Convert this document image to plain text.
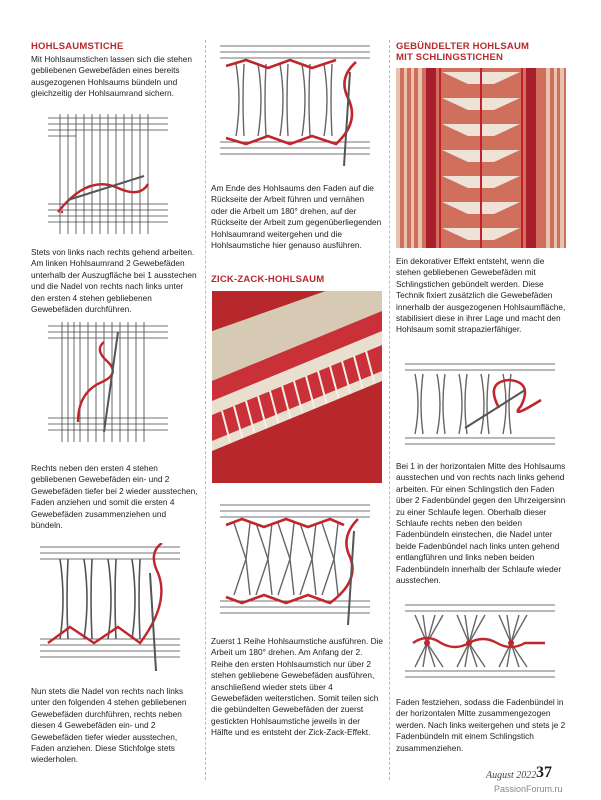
HOHLSAUMSTICHE
Mit Hohlsaumstichen lassen sich die stehen gebliebenen Gewebefäden eines bereits ausgezogenen Hohlsaums bündeln und gleichzeitig der Hohlsaumrand sichern.
Stets von links nach rechts gehend arbeiten. Am linken Hohlsaumrand 2 Gewebefäden unterhalb der Auszugfläche bei 1 ausstechen und die Nadel von rechts nach links unter den ersten 4 stehen gebliebenen Gewebefäden durchführen.
Rechts neben den ersten 4 stehen gebliebenen Gewebefäden ein- und 2 Gewebefäden tiefer bei 2 wieder ausstechen, Faden anziehen und somit die ersten 4 Gewebefäden zusammenziehen und bündeln.
Nun stets die Nadel von rechts nach links unter den folgenden 4 stehen gebliebenen Gewebefäden durchführen, rechts neben diesen 4 Gewebefäden ein- und 2 Gewebefäden tiefer wieder ausstechen, Faden anziehen. Diese Stichfolge stets wiederholen.
Am Ende des Hohlsaums den Faden auf die Rückseite der Arbeit führen und vernähen oder die Arbeit um 180° drehen, auf der Rückseite der Arbeit zum gegenüberliegenden Hohlsaumrand weitergehen und die Hohlsaumstiche hier genauso ausführen.
ZICK-ZACK-HOHLSAUM
Zuerst 1 Reihe Hohlsaumstiche ausführen. Die Arbeit um 180° drehen. Am Anfang der 2. Reihe den ersten Hohlsaumstich nur über 2 stehen gebliebene Gewebefäden ausführen, anschließend wieder stets über 4 Gewebefäden weiterstichen. Somit teilen sich die gebündelten Gewebefäden der zuerst gestickten Hohlsaumstiche jeweils in der Hälfte und es entsteht der Zick-Zack-Effekt.
GEBÜNDELTER HOHLSAUM
MIT SCHLINGSTICHEN
Ein dekorativer Effekt entsteht, wenn die stehen gebliebenen Gewebefäden mit Schlingstichen gebündelt werden. Diese Technik fixiert zusätzlich die Gewebefäden innerhalb der ausgezogenen Hohlsaumfläche, stabilisiert diese in ihrer Lage und macht den Hohlsaum somit strapazierfähiger.
Bei 1 in der horizontalen Mitte des Hohlsaums ausstechen und von rechts nach links gehend arbeiten. Für einen Schlingstich den Faden über 2 Fadenbündel gegen den Uhrzeigersinn zu einer Schlaufe legen. Oberhalb dieser Schlaufe rechts neben den beiden Fadenbündeln einstechen, die Nadel unter beide Fadenbündel nach links unten gehend entlangführen und links neben beiden Fadenbündeln innerhalb der Schlaufe wieder ausstechen.
Faden festziehen, sodass die Fadenbündel in der horizontalen Mitte zusammengezogen werden. Nach links weitergehen und stets je 2 Fadenbündeln mit einem Schlingstich zusammenziehen.
August 2022 37
PassionForum.ru
